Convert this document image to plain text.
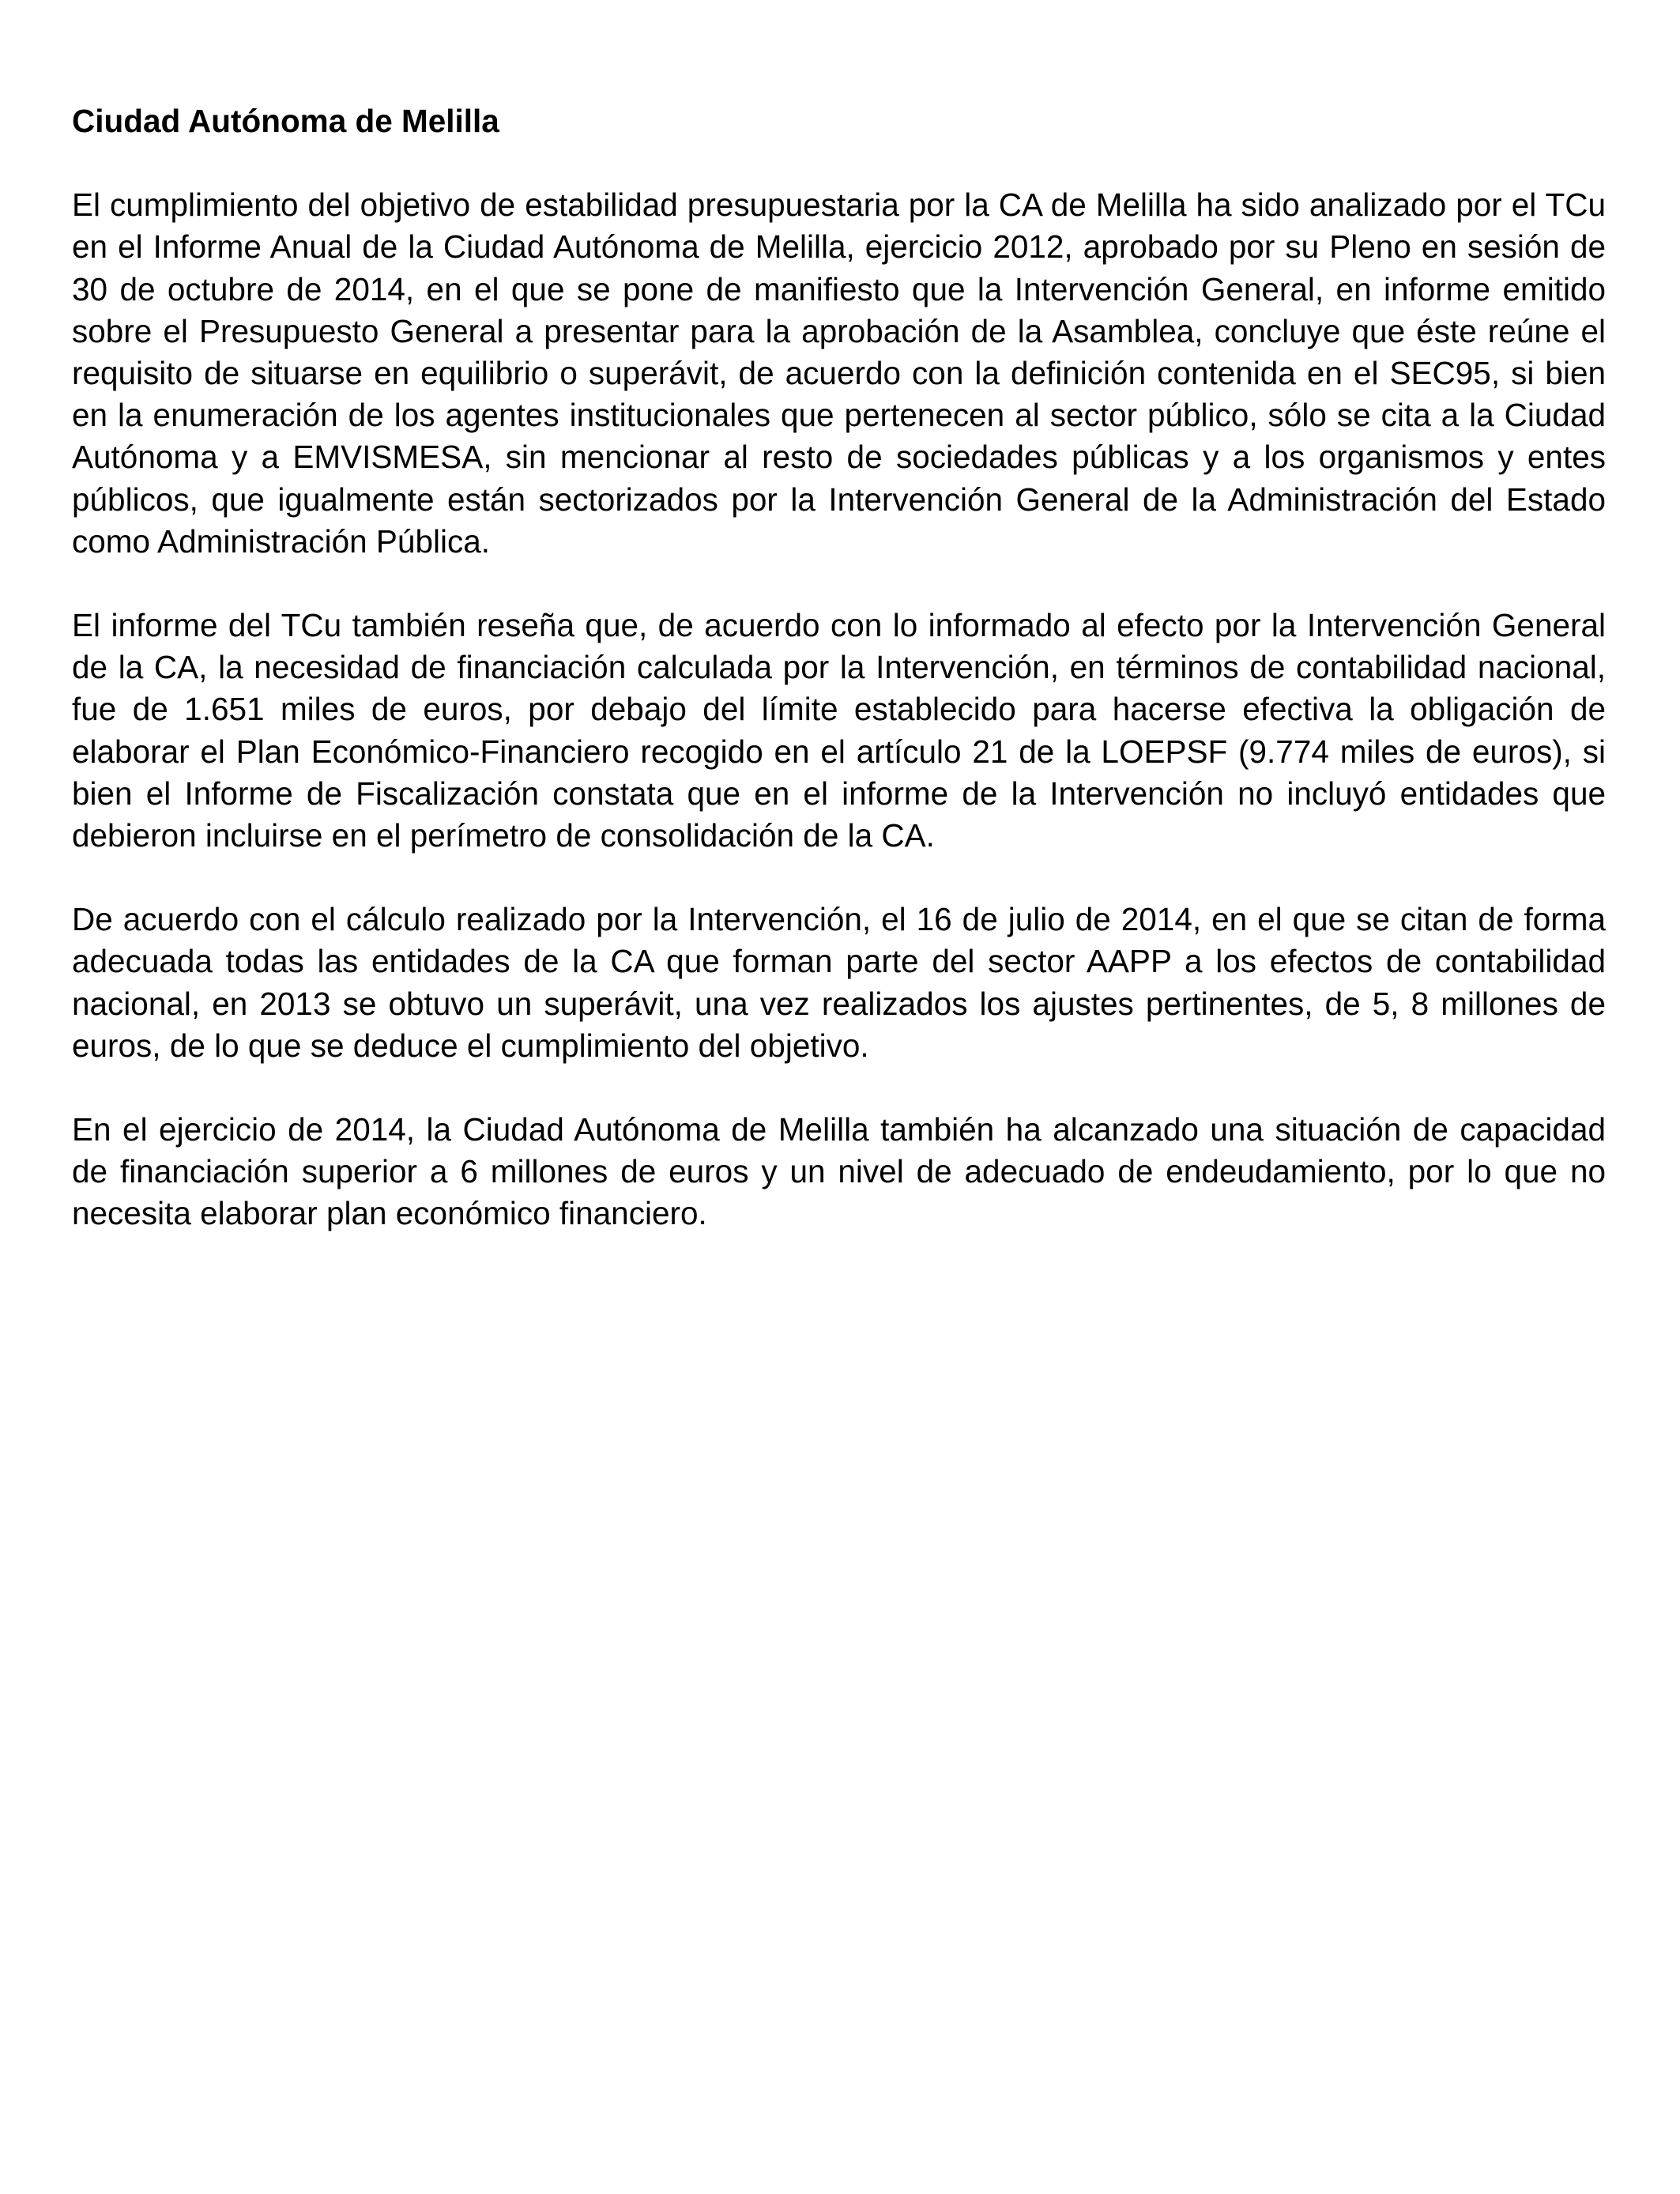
Ciudad Autónoma de Melilla

El cumplimiento del objetivo de estabilidad presupuestaria por la CA de Melilla ha sido analizado por el TCu en el Informe Anual de la Ciudad Autónoma de Melilla, ejercicio 2012, aprobado por su Pleno en sesión de 30 de octubre de 2014, en el que se pone de manifiesto que la Intervención General, en informe emitido sobre el Presupuesto General a presentar para la aprobación de la Asamblea, concluye que éste reúne el requisito de situarse en equilibrio o superávit, de acuerdo con la definición contenida en el SEC95, si bien en la enumeración de los agentes institucionales que pertenecen al sector público, sólo se cita a la Ciudad Autónoma y a EMVISMESA, sin mencionar al resto de sociedades públicas y a los organismos y entes públicos, que igualmente están sectorizados por la Intervención General de la Administración del Estado como Administración Pública.

El informe del TCu también reseña que, de acuerdo con lo informado al efecto por la Intervención General de la CA, la necesidad de financiación calculada por la Intervención, en términos de contabilidad nacional, fue de 1.651 miles de euros, por debajo del límite establecido para hacerse efectiva la obligación de elaborar el Plan Económico-Financiero recogido en el artículo 21 de la LOEPSF (9.774 miles de euros), si bien el Informe de Fiscalización constata que en el informe de la Intervención no incluyó entidades que debieron incluirse en el perímetro de consolidación de la CA.

De acuerdo con el cálculo realizado por la Intervención, el 16 de julio de 2014, en el que se citan de forma adecuada todas las entidades de la CA que forman parte del sector AAPP a los efectos de contabilidad nacional, en 2013 se obtuvo un superávit, una vez realizados los ajustes pertinentes, de 5, 8 millones de euros, de lo que se deduce el cumplimiento del objetivo.

En el ejercicio de 2014, la Ciudad Autónoma de Melilla también ha alcanzado una situación de capacidad de financiación superior a 6 millones de euros y un nivel de adecuado de endeudamiento, por lo que no necesita elaborar plan económico financiero.
